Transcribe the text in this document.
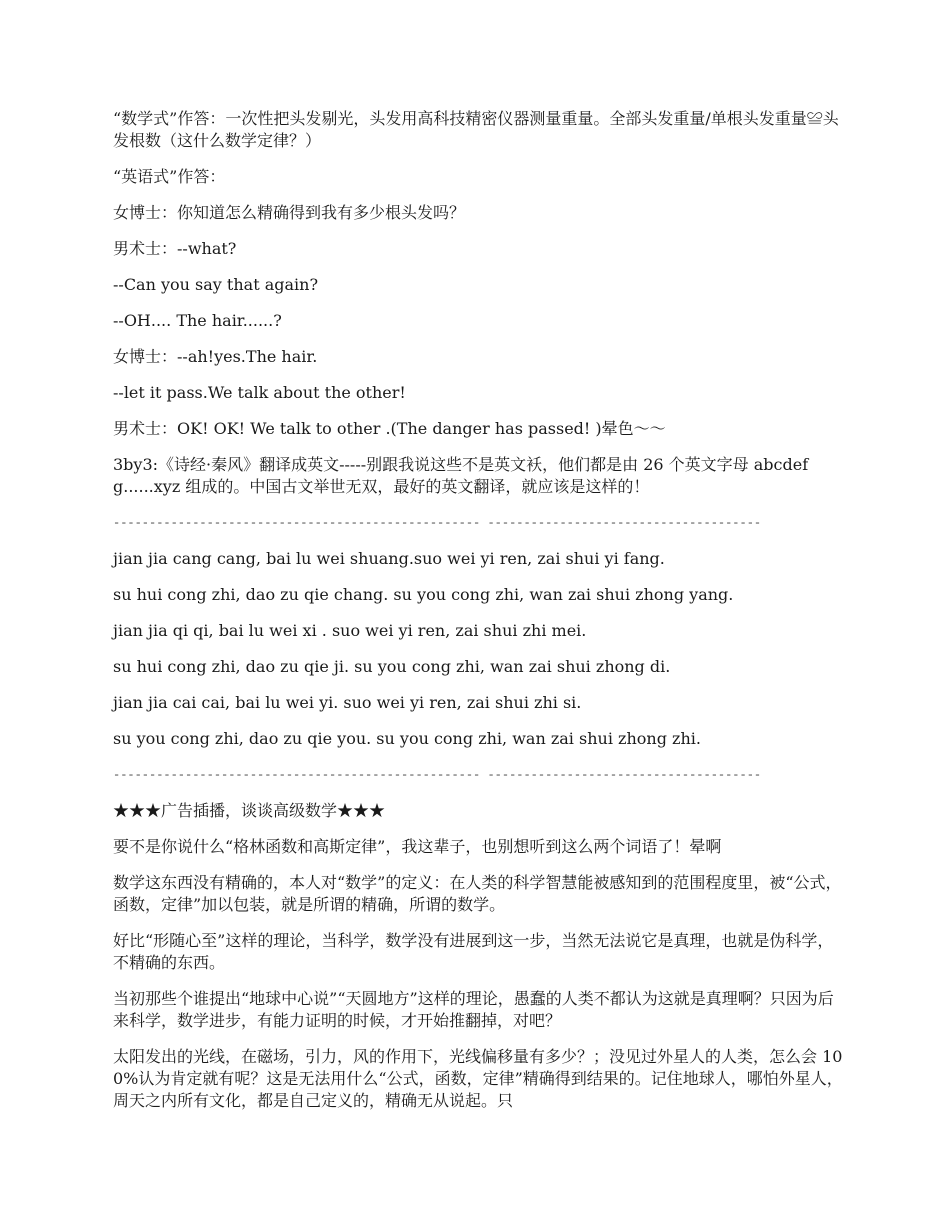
“数学式”作答：一次性把头发剔光，头发用高科技精密仪器测量重量。全部头发重量/单根头发重量≌头发根数（这什么数学定律？）

“英语式”作答：

女博士：你知道怎么精确得到我有多少根头发吗？

男术士：--what?

--Can you say that again?

--OH.... The hair......?

女博士：--ah!yes.The hair.

--let it pass.We talk about the other!

男术士：OK! OK! We talk to other .(The danger has passed! )晕色～～

3by3:《诗经·秦风》翻译成英文-----别跟我说这些不是英文袄，他们都是由 26 个英文字母 abcdefg......xyz 组成的。中国古文举世无双，最好的英文翻译，就应该是这样的！

--------------------------------------------------- --------------------------------------

jian jia cang cang, bai lu wei shuang.suo wei yi ren, zai shui yi fang.

su hui cong zhi, dao zu qie chang. su you cong zhi, wan zai shui zhong yang.

jian jia qi qi, bai lu wei xi . suo wei yi ren, zai shui zhi mei.

su hui cong zhi, dao zu qie ji. su you cong zhi, wan zai shui zhong di.

jian jia cai cai, bai lu wei yi. suo wei yi ren, zai shui zhi si.

su you cong zhi, dao zu qie you. su you cong zhi, wan zai shui zhong zhi.

--------------------------------------------------- --------------------------------------

★★★广告插播，谈谈高级数学★★★

要不是你说什么“格林函数和高斯定律”，我这辈子，也别想听到这么两个词语了！晕啊

数学这东西没有精确的，本人对“数学”的定义：在人类的科学智慧能被感知到的范围程度里，被“公式，函数，定律”加以包装，就是所谓的精确，所谓的数学。

好比“形随心至”这样的理论，当科学，数学没有进展到这一步，当然无法说它是真理，也就是伪科学，不精确的东西。

当初那些个谁提出“地球中心说”“天圆地方”这样的理论，愚蠢的人类不都认为这就是真理啊？只因为后来科学，数学进步，有能力证明的时候，才开始推翻掉，对吧？

太阳发出的光线，在磁场，引力，风的作用下，光线偏移量有多少？；没见过外星人的人类，怎么会 100%认为肯定就有呢？这是无法用什么“公式，函数，定律”精确得到结果的。记住地球人，哪怕外星人，周天之内所有文化，都是自己定义的，精确无从说起。只
